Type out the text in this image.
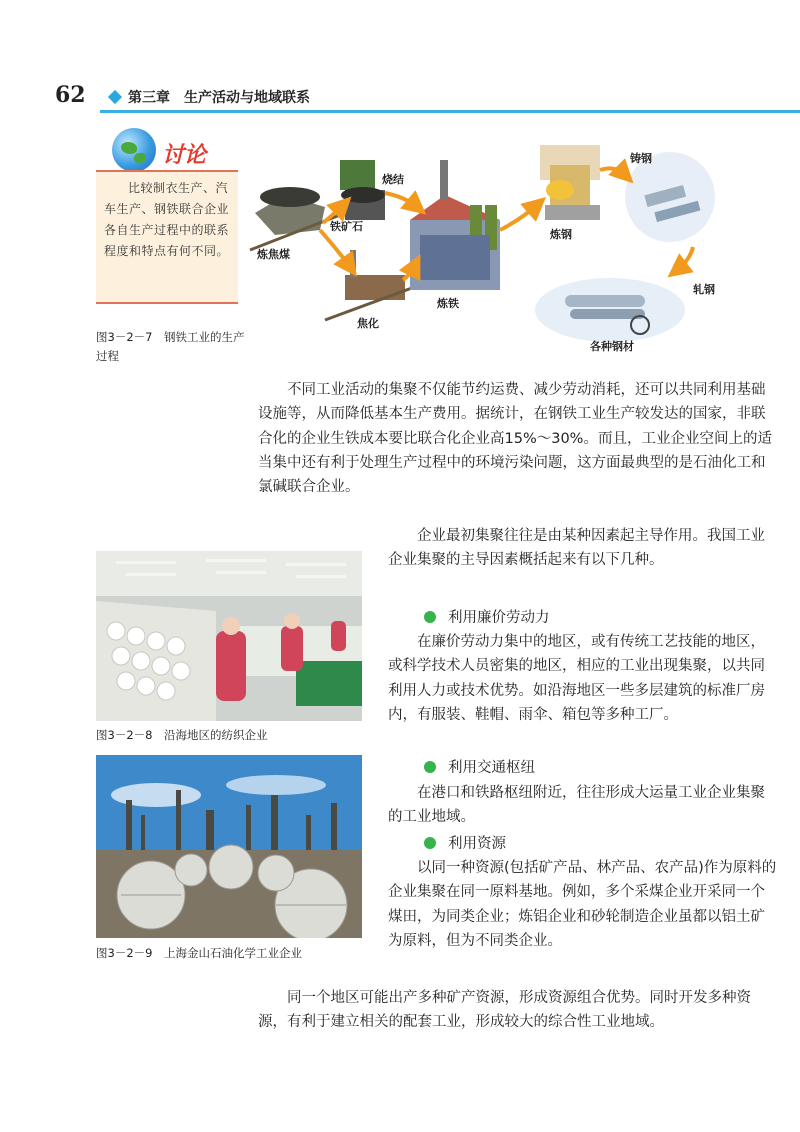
62	第三章　生产活动与地域联系
讨论
比较制衣生产、汽车生产、钢铁联合企业各自生产过程中的联系程度和特点有何不同。	炼焦煤
铁矿石
烧结
焦化
炼铁
炼钢
铸钢
轧钢
各种钢材
图3－2－7　钢铁工业的生产过程
不同工业活动的集聚不仅能节约运费、减少劳动消耗，还可以共同利用基础设施等，从而降低基本生产费用。据统计，在钢铁工业生产较发达的国家，非联合化的企业生铁成本要比联合化企业高15%～30%。而且，工业企业空间上的适当集中还有利于处理生产过程中的环境污染问题，这方面最典型的是石油化工和氯碱联合企业。
企业最初集聚往往是由某种因素起主导作用。我国工业企业集聚的主导因素概括起来有以下几种。
利用廉价劳动力
在廉价劳动力集中的地区，或有传统工艺技能的地区，或科学技术人员密集的地区，相应的工业出现集聚，以共同利用人力或技术优势。如沿海地区一些多层建筑的标准厂房内，有服装、鞋帽、雨伞、箱包等多种工厂。
利用交通枢纽
在港口和铁路枢纽附近，往往形成大运量工业企业集聚的工业地域。
利用资源
以同一种资源(包括矿产品、林产品、农产品)作为原料的企业集聚在同一原料基地。例如，多个采煤企业开采同一个煤田，为同类企业；炼铝企业和砂轮制造企业虽都以铝土矿为原料，但为不同类企业。
同一个地区可能出产多种矿产资源，形成资源组合优势。同时开发多种资源，有利于建立相关的配套工业，形成较大的综合性工业地域。
图3－2－8　沿海地区的纺织企业
图3－2－9　上海金山石油化学工业企业
